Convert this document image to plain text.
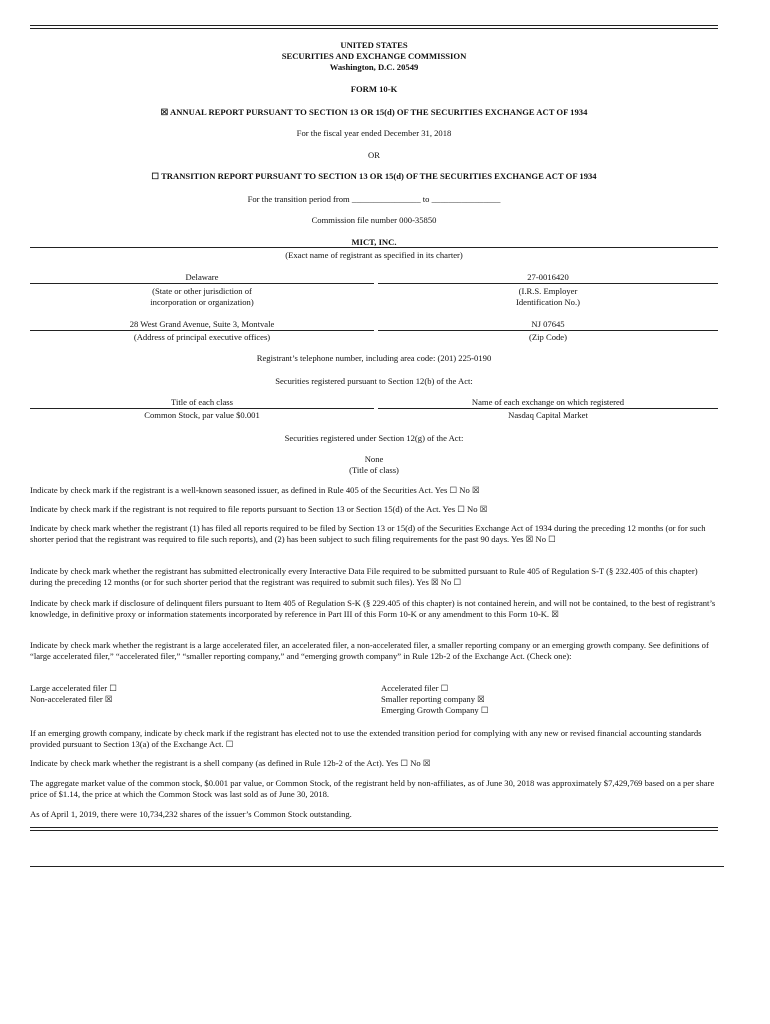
UNITED STATES
SECURITIES AND EXCHANGE COMMISSION
Washington, D.C. 20549
FORM 10-K
☒ ANNUAL REPORT PURSUANT TO SECTION 13 OR 15(d) OF THE SECURITIES EXCHANGE ACT OF 1934
For the fiscal year ended December 31, 2018
OR
☐ TRANSITION REPORT PURSUANT TO SECTION 13 OR 15(d) OF THE SECURITIES EXCHANGE ACT OF 1934
For the transition period from ________________ to ________________
Commission file number 000-35850
MICT, INC.
(Exact name of registrant as specified in its charter)
Delaware
(State or other jurisdiction of
incorporation or organization)
27-0016420
(I.R.S. Employer
Identification No.)
28 West Grand Avenue, Suite 3, Montvale
(Address of principal executive offices)
NJ 07645
(Zip Code)
Registrant’s telephone number, including area code: (201) 225-0190
Securities registered pursuant to Section 12(b) of the Act:
Title of each class
Common Stock, par value $0.001
Name of each exchange on which registered
Nasdaq Capital Market
Securities registered under Section 12(g) of the Act:
None
(Title of class)
Indicate by check mark if the registrant is a well-known seasoned issuer, as defined in Rule 405 of the Securities Act. Yes ☐ No ☒
Indicate by check mark if the registrant is not required to file reports pursuant to Section 13 or Section 15(d) of the Act. Yes ☐ No ☒
Indicate by check mark whether the registrant (1) has filed all reports required to be filed by Section 13 or 15(d) of the Securities Exchange Act of 1934 during the preceding 12 months (or for such shorter period that the registrant was required to file such reports), and (2) has been subject to such filing requirements for the past 90 days. Yes ☒ No ☐
Indicate by check mark whether the registrant has submitted electronically every Interactive Data File required to be submitted pursuant to Rule 405 of Regulation S-T (§ 232.405 of this chapter) during the preceding 12 months (or for such shorter period that the registrant was required to submit such files). Yes ☒ No ☐
Indicate by check mark if disclosure of delinquent filers pursuant to Item 405 of Regulation S-K (§ 229.405 of this chapter) is not contained herein, and will not be contained, to the best of registrant’s knowledge, in definitive proxy or information statements incorporated by reference in Part III of this Form 10-K or any amendment to this Form 10-K. ☒
Indicate by check mark whether the registrant is a large accelerated filer, an accelerated filer, a non-accelerated filer, a smaller reporting company or an emerging growth company. See definitions of “large accelerated filer,” “accelerated filer,” “smaller reporting company,” and “emerging growth company” in Rule 12b-2 of the Exchange Act. (Check one):
Large accelerated filer ☐
Non-accelerated filer ☒
Accelerated filer ☐
Smaller reporting company ☒
Emerging Growth Company ☐
If an emerging growth company, indicate by check mark if the registrant has elected not to use the extended transition period for complying with any new or revised financial accounting standards provided pursuant to Section 13(a) of the Exchange Act. ☐
Indicate by check mark whether the registrant is a shell company (as defined in Rule 12b-2 of the Act). Yes ☐ No ☒
The aggregate market value of the common stock, $0.001 par value, or Common Stock, of the registrant held by non-affiliates, as of June 30, 2018 was approximately $7,429,769 based on a per share price of $1.14, the price at which the Common Stock was last sold as of June 30, 2018.
As of April 1, 2019, there were 10,734,232 shares of the issuer’s Common Stock outstanding.
